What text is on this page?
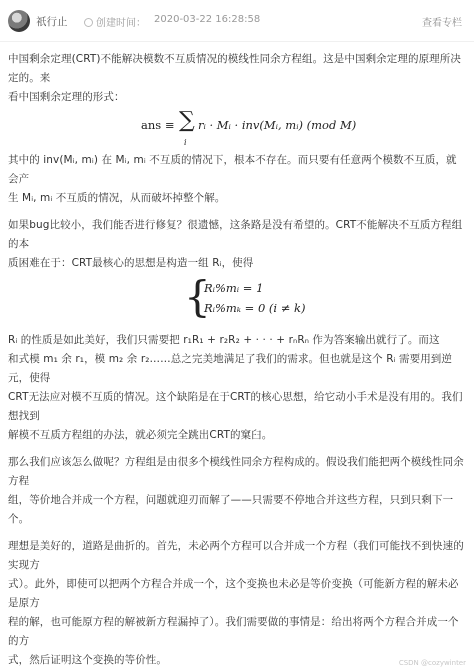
祇行止	创建时间： 2020-03-22 16:28:58	查看专栏

中国剩余定理(CRT)不能解决模数不互质情况的模线性同余方程组。这是中国剩余定理的原理所决定的。来
看中国剩余定理的形式：

ans ≡ ∑
i
rᵢ · Mᵢ · inv(Mᵢ, mᵢ) (mod M)

其中的 inv(Mᵢ, mᵢ) 在 Mᵢ, mᵢ 不互质的情况下，根本不存在。而只要有任意两个模数不互质，就会产
生 Mᵢ, mᵢ 不互质的情况，从而破坏掉整个解。

如果bug比较小，我们能否进行修复？很遗憾，这条路是没有希望的。CRT不能解决不互质方程组的本
质困难在于：CRT最核心的思想是构造一组 Rᵢ，使得

{
Rᵢ%mᵢ = 1
Rᵢ%mₖ = 0 (i ≠ k)

Rᵢ 的性质是如此美好，我们只需要把 r₁R₁ + r₂R₂ + · · · + rₙRₙ 作为答案输出就行了。而这
和式模 m₁ 余 r₁，模 m₂ 余 r₂……总之完美地满足了我们的需求。但也就是这个 Rᵢ 需要用到逆元，使得
CRT无法应对模不互质的情况。这个缺陷是在于CRT的核心思想，给它动小手术是没有用的。我们想找到
解模不互质方程组的办法，就必须完全跳出CRT的窠臼。

那么我们应该怎么做呢？方程组是由很多个模线性同余方程构成的。假设我们能把两个模线性同余方程
组，等价地合并成一个方程，问题就迎刃而解了——只需要不停地合并这些方程，只到只剩下一个。

理想是美好的，道路是曲折的。首先，未必两个方程可以合并成一个方程（我们可能找不到快速的实现方
式）。此外，即使可以把两个方程合并成一个，这个变换也未必是等价变换（可能新方程的解未必是原方
程的解，也可能原方程的解被新方程漏掉了）。我们需要做的事情是：给出将两个方程合并成一个的方
式，然后证明这个变换的等价性。	CSDN @cozywinter
